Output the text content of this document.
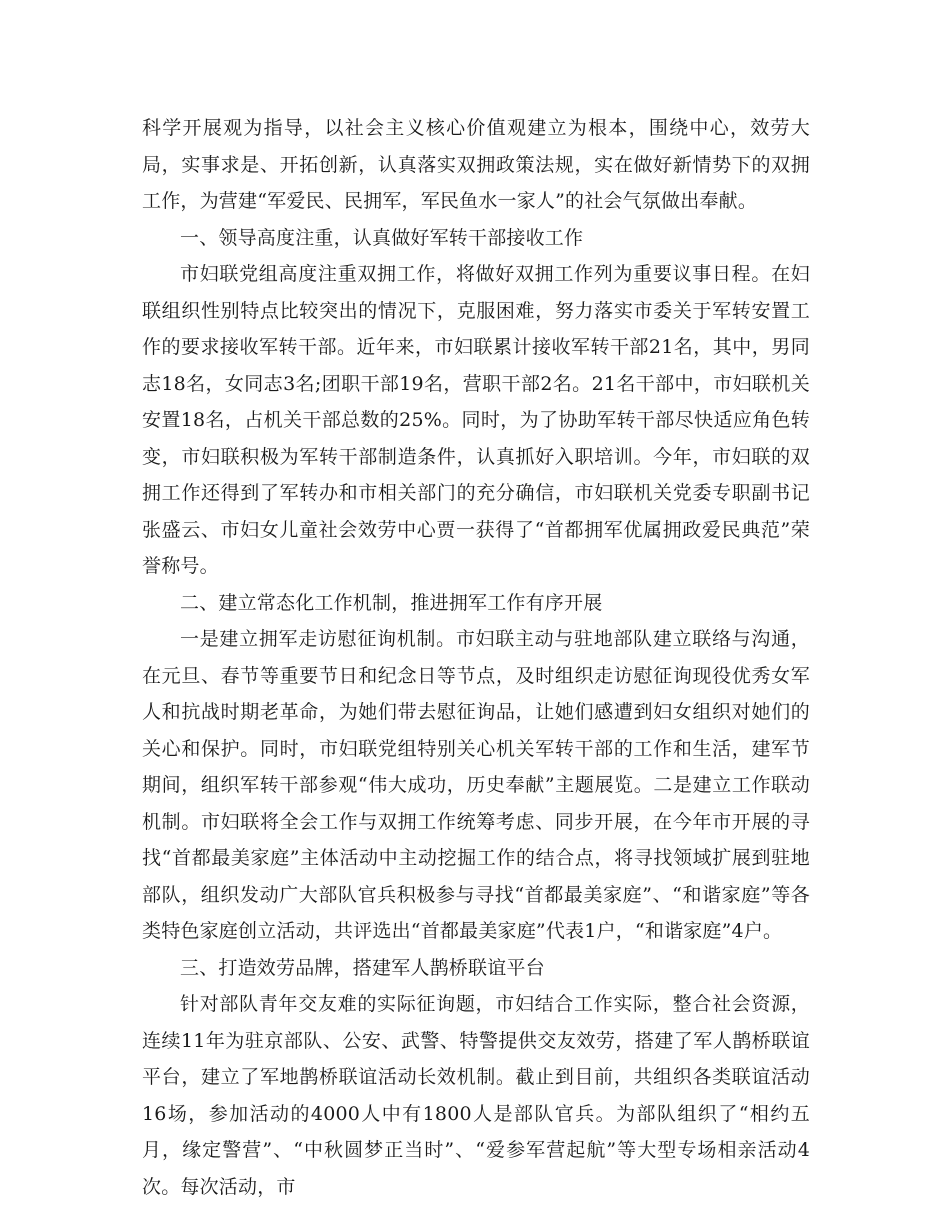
科学开展观为指导，以社会主义核心价值观建立为根本，围绕中心，效劳大局，实事求是、开拓创新，认真落实双拥政策法规，实在做好新情势下的双拥工作，为营建“军爱民、民拥军，军民鱼水一家人”的社会气氛做出奉献。

一、领导高度注重，认真做好军转干部接收工作

市妇联党组高度注重双拥工作，将做好双拥工作列为重要议事日程。在妇联组织性别特点比较突出的情况下，克服困难，努力落实市委关于军转安置工作的要求接收军转干部。近年来，市妇联累计接收军转干部21名，其中，男同志18名，女同志3名;团职干部19名，营职干部2名。21名干部中，市妇联机关安置18名，占机关干部总数的25%。同时，为了协助军转干部尽快适应角色转变，市妇联积极为军转干部制造条件，认真抓好入职培训。今年，市妇联的双拥工作还得到了军转办和市相关部门的充分确信，市妇联机关党委专职副书记张盛云、市妇女儿童社会效劳中心贾一获得了“首都拥军优属拥政爱民典范”荣誉称号。

二、建立常态化工作机制，推进拥军工作有序开展

一是建立拥军走访慰征询机制。市妇联主动与驻地部队建立联络与沟通，在元旦、春节等重要节日和纪念日等节点，及时组织走访慰征询现役优秀女军人和抗战时期老革命，为她们带去慰征询品，让她们感遭到妇女组织对她们的关心和保护。同时，市妇联党组特别关心机关军转干部的工作和生活，建军节期间，组织军转干部参观“伟大成功，历史奉献”主题展览。二是建立工作联动机制。市妇联将全会工作与双拥工作统筹考虑、同步开展，在今年市开展的寻找“首都最美家庭”主体活动中主动挖掘工作的结合点，将寻找领域扩展到驻地部队，组织发动广大部队官兵积极参与寻找“首都最美家庭”、“和谐家庭”等各类特色家庭创立活动，共评选出“首都最美家庭”代表1户，“和谐家庭”4户。

三、打造效劳品牌，搭建军人鹊桥联谊平台

针对部队青年交友难的实际征询题，市妇结合工作实际，整合社会资源，连续11年为驻京部队、公安、武警、特警提供交友效劳，搭建了军人鹊桥联谊平台，建立了军地鹊桥联谊活动长效机制。截止到目前，共组织各类联谊活动16场，参加活动的4000人中有1800人是部队官兵。为部队组织了“相约五月，缘定警营”、“中秋圆梦正当时”、“爱参军营起航”等大型专场相亲活动4次。每次活动，市
